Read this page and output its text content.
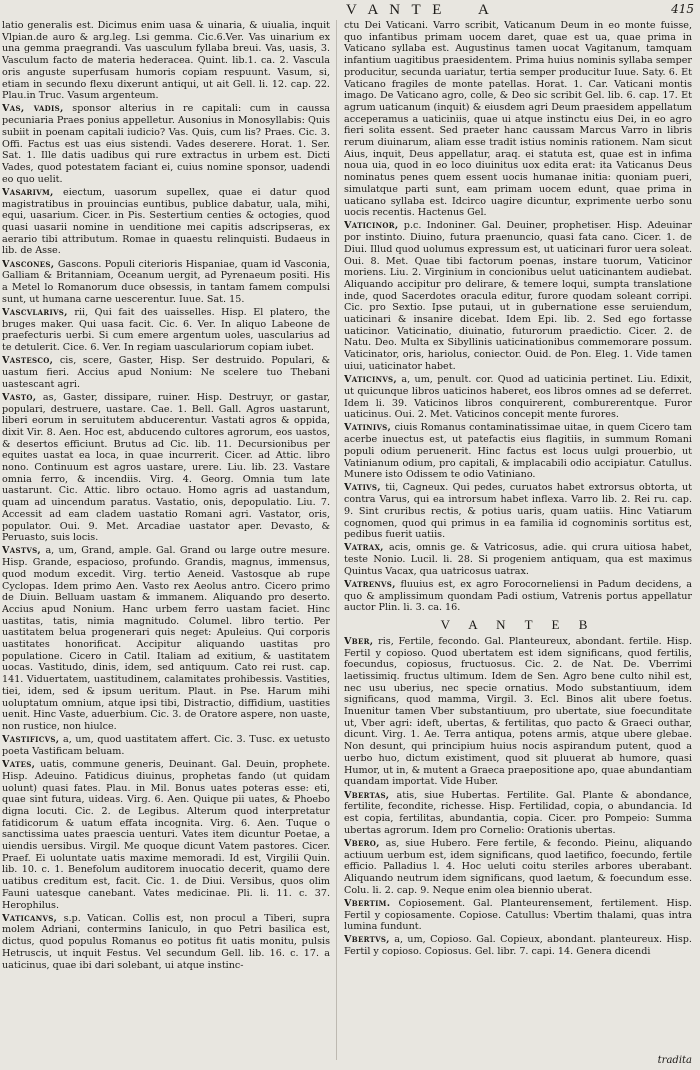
V A N T E A	415
latio generalis est. Dicimus enim uasa & uinaria, & uiualia, inquit Vlpian.de auro & arg.leg. Lsi gemma. Cic.6.Ver. Vas uinarium ex una gemma praegrandi. Vas uasculum fyllaba breui. Vas, uasis, 3. Vasculum facto de materia hederacea. Quint. lib.1. ca. 2. Vascula oris anguste superfusam humoris copiam respuunt. Vasum, si, etiam in secundo flexu dixerunt antiqui, ut ait Gell. li. 12. cap. 22. Plau.in Truc. Vasum argenteum.
Vas, vadis, sponsor alterius in re capitali: cum in caussa pecuniaria Praes ponius appelletur. Ausonius in Monosyllabis: Quis subiit in poenam capitali iudicio? Vas. Quis, cum lis? Praes. Cic. 3. Offi. Factus est uas eius sistendi. Vades deserere. Horat. 1. Ser. Sat. 1. Ille datis uadibus qui rure extractus in urbem est. Dicti Vades, quod potestatem faciant ei, cuius nomine sponsor, uadendi eo quo uelit.
Vasarivm, eiectum, uasorum supellex, quae ei datur quod magistratibus in prouincias euntibus, publice dabatur, uala, mihi, equi, uasarium. Cicer. in Pis. Sestertium centies & octogies, quod quasi uasarii nomine in uenditione mei capitis adscripseras, ex aerario tibi attributum. Romae in quaestu relinquisti. Budaeus in lib. de Asse.
Vascones, Gascons. Populi citerioris Hispaniae, quam id Vasconia, Galliam & Britanniam, Oceanum uergit, ad Pyrenaeum positi. His a Metel lo Romanorum duce obsessis, in tantam famem compulsi sunt, ut humana carne uescerentur. Iuue. Sat. 15.
Vascvlarivs, rii, Qui fait des uaisselles. Hisp. El platero, the bruges maker. Qui uasa facit. Cic. 6. Ver. In aliquo Labeone de praefecturis uerbi. Si cum emere argentum uoles, uascularius ad te detulerit. Cice. 6. Ver. In regiam uasculariorum copiam iubet.
Vastesco, cis, scere, Gaster, Hisp. Ser destruido. Populari, & uastum fieri. Accius apud Nonium: Ne scelere tuo Thebani uastescant agri.
Vasto, as, Gaster, dissipare, ruiner. Hisp. Destruyr, or gastar, populari, destruere, uastare. Cae. 1. Bell. Gall. Agros uastarunt, liberi eorum in seruitutem abducerentur. Vastati agros & oppida, dixit Vir. 8. Aen. Hoc est, abducendo cultores agrorum, eos uastos, & desertos efficiunt. Brutus ad Cic. lib. 11. Decursionibus per equites uastat ea loca, in quae incurrerit. Cicer. ad Attic. libro nono. Continuum est agros uastare, urere. Liu. lib. 23. Vastare omnia ferro, & incendiis. Virg. 4. Georg. Omnia tum late uastarunt. Cic. Attic. libro octauo. Homo agris ad uastandum, quam ad uincendum paratus. Vastatio, onis, depopulatio. Liu. 7. Accessit ad eam cladem uastatio Romani agri. Vastator, oris, populator. Oui. 9. Met. Arcadiae uastator aper. Devasto, & Peruasto, suis locis.
Vastvs, a, um, Grand, ample. Gal. Grand ou large outre mesure. Hisp. Grande, espacioso, profundo. Grandis, magnus, immensus, quod modum excedit. Virg. tertio Aeneid. Vastosque ab rupe Cyclopas. Idem primo Aen. Vasto rex Aeolus antro. Cicero primo de Diuin. Belluam uastam & immanem. Aliquando pro deserto. Accius apud Nonium. Hanc urbem ferro uastam faciet. Hinc uastitas, tatis, nimia magnitudo. Columel. libro tertio. Per uastitatem belua progenerari quis neget: Apuleius. Qui corporis uastitates honorificat. Accipitur aliquando uastitas pro populatione. Cicero in Catil. Italiam ad exitium, & uastitatem uocas. Vastitudo, dinis, idem, sed antiquum. Cato rei rust. cap. 141. Viduertatem, uastitudinem, calamitates prohibessis. Vastities, tiei, idem, sed & ipsum ueritum. Plaut. in Pse. Harum mihi uoluptatum omnium, atque ipsi tibi, Distractio, diffidium, uastities uenit. Hinc Vaste, aduerbium. Cic. 3. de Oratore aspere, non uaste, non rustice, non hiulce.
Vastificvs, a, um, quod uastitatem affert. Cic. 3. Tusc. ex uetusto poeta Vastificam beluam.
Vates, uatis, commune generis, Deuinant. Gal. Deuin, prophete. Hisp. Adeuino. Fatidicus diuinus, prophetas fando (ut quidam uolunt) quasi fates. Plau. in Mil. Bonus uates poteras esse: eti, quae sint futura, uideas. Virg. 6. Aen. Quique pii uates, & Phoebo digna locuti. Cic. 2. de Legibus. Alterum quod interpretatur fatidicorum & uatum effata incognita. Virg. 6. Aen. Tuque o sanctissima uates praescia uenturi. Vates item dicuntur Poetae, a uiendis uersibus. Virgil. Me quoque dicunt Vatem pastores. Cicer. Praef. Ei uoluntate uatis maxime memoradi. Id est, Virgilii Quin. lib. 10. c. 1. Benefolum auditorem inuocatio decerit, quamo dere uatibus creditum est, facit. Cic. 1. de Diui. Versibus, quos olim Fauni uatesque canebant. Vates medicinae. Pli. li. 11. c. 37. Herophilus.
Vaticanvs, s.p. Vatican. Collis est, non procul a Tiberi, supra molem Adriani, contermins Ianiculo, in quo Petri basilica est, dictus, quod populus Romanus eo potitus fit uatis monitu, pulsis Hetruscis, ut inquit Festus. Vel secundum Gell. lib. 16. c. 17. a uaticinus, quae ibi dari solebant, ui atque instinc-
ctu Dei Vaticani. Varro scribit, Vaticanum Deum in eo monte fuisse, quo infantibus primam uocem daret, quae est ua, quae prima in Vaticano syllaba est. Augustinus tamen uocat Vagitanum, tamquam infantium uagitibus praesidentem. Prima huius nominis syllaba semper producitur, secunda uariatur, tertia semper producitur Iuue. Saty. 6. Et Vaticano fragiles de monte patellas. Horat. 1. Car. Vaticani montis imago. De Vaticano agro, colle, & Deo sic scribit Gel. lib. 6. cap. 17. Et agrum uaticanum (inquit) & eiusdem agri Deum praesidem appellatum acceperamus a uaticiniis, quae ui atque instinctu eius Dei, in eo agro fieri solita essent. Sed praeter hanc caussam Marcus Varro in libris rerum diuinarum, aliam esse tradit istius nominis rationem. Nam sicut Aius, inquit, Deus appellatur, araq. ei statuta est, quae est in infima noua uia, quod in eo loco diuinitus uox edita erat: ita Vaticanus Deus nominatus penes quem essent uocis humanae initia: quoniam pueri, simulatque parti sunt, eam primam uocem edunt, quae prima in uaticano syllaba est. Idcirco uagire dicuntur, exprimente uerbo sonu uocis recentis. Hactenus Gel.
Vaticinor, p.c. Indoniner. Gal. Deuiner, prophetiser. Hisp. Adeuinar por instinto. Diuino, futura praenuncio, quasi fata cano. Cicer. 1. de Diui. Illud quod uolumus expressum est, ut uaticinari furor uera soleat. Oui. 8. Met. Quae tibi factorum poenas, instare tuorum, Vaticinor moriens. Liu. 2. Virginium in concionibus uelut uaticinantem audiebat. Aliquando accipitur pro delirare, & temere loqui, sumpta translatione inde, quod Sacerdotes oracula editur, furore quodam soleant corripi. Cic. pro Sextio. Ipse putaui, ut in gubernatione esse seruiendum, uaticinari & insanire dicebat. Idem Epi. lib. 2. Sed ego fortasse uaticinor. Vaticinatio, diuinatio, futurorum praedictio. Cicer. 2. de Natu. Deo. Multa ex Sibyllinis uaticinationibus commemorare possum. Vaticinator, oris, hariolus, coniector. Ouid. de Pon. Eleg. 1. Vide tamen uiui, uaticinator habet.
Vaticinvs, a, um, penult. cor. Quod ad uaticinia pertinet. Liu. Edixit, ut quicunque libros uaticinos haberet, eos libros omnes ad se deferret. Idem li. 39. Vaticinos libros conquirerent, comburerentque. Furor uaticinus. Oui. 2. Met. Vaticinos concepit mente furores.
Vatinivs, ciuis Romanus contaminatissimae uitae, in quem Cicero tam acerbe inuectus est, ut patefactis eius flagitiis, in summum Romani populi odium peruenerit. Hinc factus est locus uulgi prouerbio, ut Vatinianum odium, pro capitali, & implacabili odio accipiatur. Catullus. Munere isto Odissem te odio Vatiniano.
Vativs, tii, Cagneux. Qui pedes, curuatos habet extrorsus obtorta, ut contra Varus, qui ea introrsum habet inflexa. Varro lib. 2. Rei ru. cap. 9. Sint cruribus rectis, & potius uaris, quam uatiis. Hinc Vatiarum cognomen, quod qui primus in ea familia id cognominis sortitus est, pedibus fuerit uatiis.
Vatrax, acis, omnis ge. & Vatricosus, adie. qui crura uitiosa habet, teste Nonio. Lucil. li. 28. Si progeniem antiquam, qua est maximus Quintus Vacax, qua uatricosus uatrax.
Vatrenvs, fluuius est, ex agro Forocorneliensi in Padum decidens, a quo & amplissimum quondam Padi ostium, Vatrenis portus appellatur auctor Plin. li. 3. ca. 16.
V A N T E B
Vber, ris, Fertile, fecondo. Gal. Planteureux, abondant. fertile. Hisp. Fertil y copioso. Quod ubertatem est idem significans, quod fertilis, foecundus, copiosus, fructuosus. Cic. 2. de Nat. De. Vberrimi laetissimiq. fructus ultimum. Idem de Sen. Agro bene culto nihil est, nec usu uberius, nec specie ornatius. Modo substantiuum, idem significans, quod mamma, Virgil. 3. Ecl. Binos alit ubere foetus. Inuenitur tamen Vber substantiuum, pro ubertate, siue foecunditate ut, Vber agri: ideft, ubertas, & fertilitas, quo pacto & Graeci outhar, dicunt. Virg. 1. Ae. Terra antiqua, potens armis, atque ubere glebae. Non desunt, qui principium huius nocis aspirandum putent, quod a uerbo huo, dictum existiment, quod sit pluuerat ab humore, quasi Humor, ut in, & mutent a Graeca praepositione apo, quae abundantiam quandam importat. Vide Huber.
Vbertas, atis, siue Hubertas. Fertilite. Gal. Plante & abondance, fertilite, fecondite, richesse. Hisp. Fertilidad, copia, o abundancia. Id est copia, fertilitas, abundantia, copia. Cicer. pro Pompeio: Summa ubertas agrorum. Idem pro Cornelio: Orationis ubertas.
Vbero, as, siue Hubero. Fere fertile, & fecondo. Pieinu, aliquando actiuum uerbum est, idem significans, quod laetifico, foecundo, fertile efficio. Palladius l. 4. Hoc ueluti coitu steriles arbores uberabant. Aliquando neutrum idem significans, quod laetum, & foecundum esse. Colu. li. 2. cap. 9. Neque enim olea biennio uberat.
Vbertim. Copiosement. Gal. Planteurensement, fertilement. Hisp. Fertil y copiosamente. Copiose. Catullus: Vbertim thalami, quas intra lumina fundunt.
Vbertvs, a, um, Copioso. Gal. Copieux, abondant. planteureux. Hisp. Fertil y copioso. Copiosus. Gel. libr. 7. capi. 14. Genera dicendi
tradita
